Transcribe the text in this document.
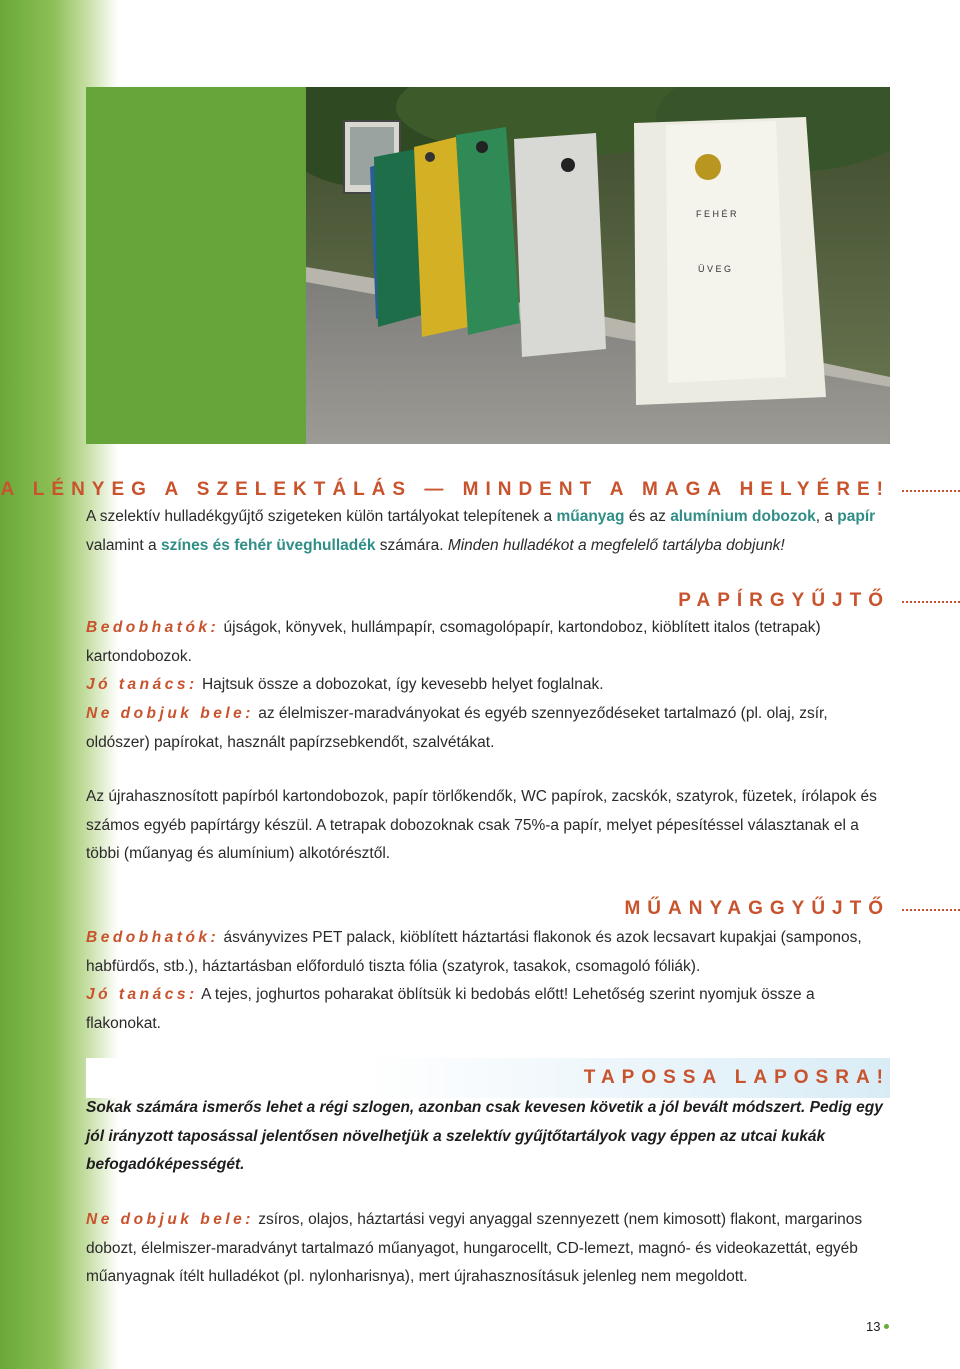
F E H É R
Ü V E G
A LÉNYEG A SZELEKTÁLÁS — MINDENT A MAGA HELYÉRE!

A szelektív hulladékgyűjtő szigeteken külön tartályokat telepítenek a műanyag és az alumínium dobozok, a papír valamint a színes és fehér üveghulladék számára. Minden hulladékot a megfelelő tartályba dobjunk!

PAPÍRGYŰJTŐ

Bedobhatók: újságok, könyvek, hullámpapír, csomagolópapír, kartondoboz, kiöblített italos (tetrapak) kartondobozok.

Jó tanács: Hajtsuk össze a dobozokat, így kevesebb helyet foglalnak.

Ne dobjuk bele: az élelmiszer-maradványokat és egyéb szennyeződéseket tartalmazó (pl. olaj, zsír, oldószer) papírokat, használt papírzsebkendőt, szalvétákat.

Az újrahasznosított papírból kartondobozok, papír törlőkendők, WC papírok, zacskók, szatyrok, füzetek, írólapok és számos egyéb papírtárgy készül. A tetrapak dobozoknak csak 75%-a papír, melyet pépesítéssel választanak el a többi (műanyag és alumínium) alkotórésztől.

MŰANYAGGYŰJTŐ

Bedobhatók: ásványvizes PET palack, kiöblített háztartási flakonok és azok lecsavart kupakjai (samponos, habfürdős, stb.), háztartásban előforduló tiszta fólia (szatyrok, tasakok, csomagoló fóliák).

Jó tanács: A tejes, joghurtos poharakat öblítsük ki bedobás előtt! Lehetőség szerint nyomjuk össze a flakonokat.

TAPOSSA LAPOSRA!

Sokak számára ismerős lehet a régi szlogen, azonban csak kevesen követik a jól bevált módszert. Pedig egy jól irányzott taposással jelentősen növelhetjük a szelektív gyűjtőtartályok vagy éppen az utcai kukák befogadóképességét.

Ne dobjuk bele: zsíros, olajos, háztartási vegyi anyaggal szennyezett (nem kimosott) flakont, margarinos dobozt, élelmiszer-maradványt tartalmazó műanyagot, hungarocellt, CD-lemezt, magnó- és videokazettát, egyéb műanyagnak ítélt hulladékot (pl. nylonharisnya), mert újrahasznosításuk jelenleg nem megoldott.

13
